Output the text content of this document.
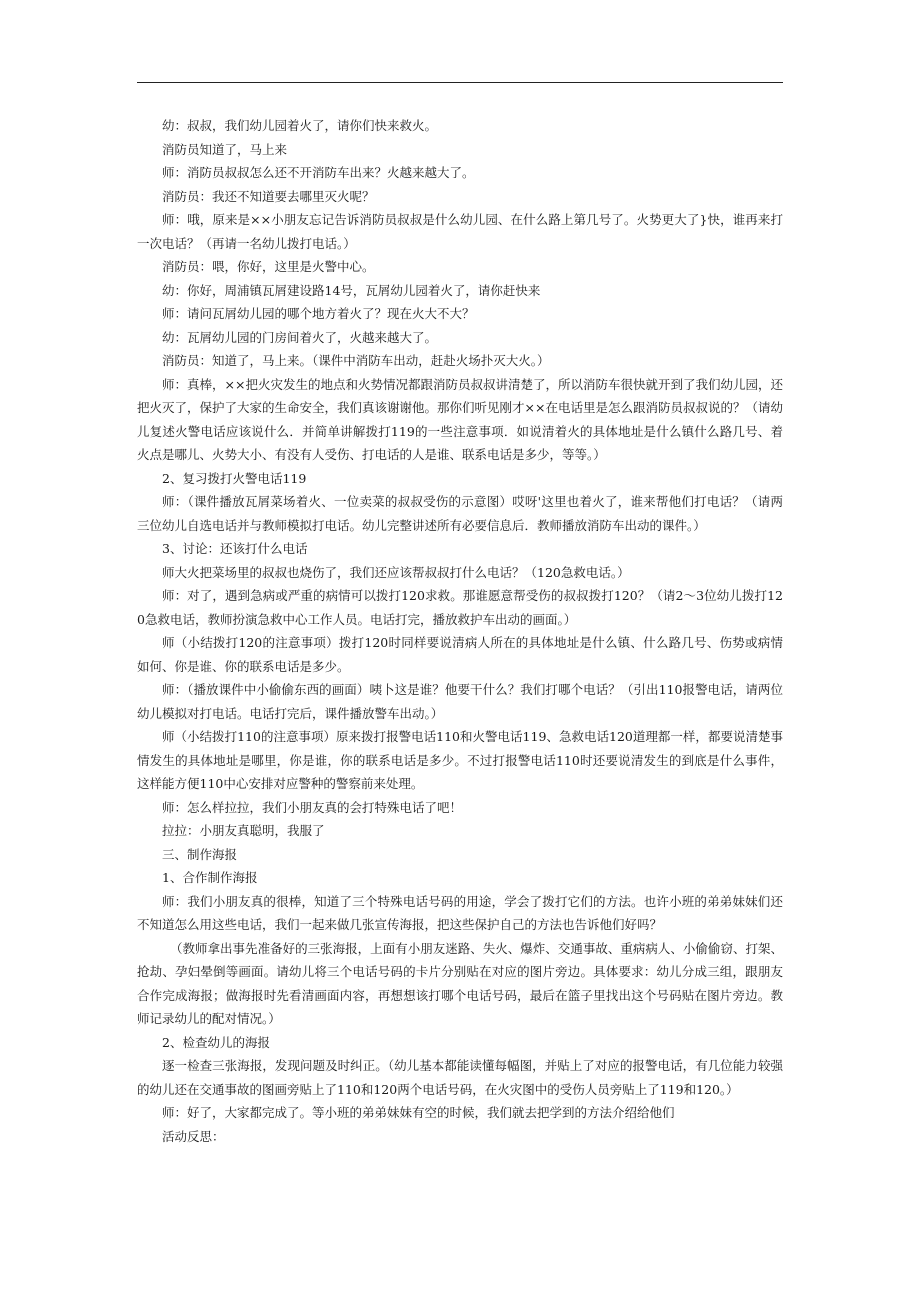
幼：叔叔，我们幼儿园着火了，请你们快来救火。

消防员知道了，马上来

师：消防员叔叔怎么还不开消防车出来？火越来越大了。

消防员：我还不知道要去哪里灭火呢？

师：哦，原来是××小朋友忘记告诉消防员叔叔是什么幼儿园、在什么路上第几号了。火势更大了}快，谁再来打一次电话？（再请一名幼儿拨打电话。）

消防员：喂，你好，这里是火警中心。

幼：你好，周浦镇瓦屑建设路14号，瓦屑幼儿园着火了，请你赶快来

师：请问瓦屑幼儿园的哪个地方着火了？现在火大不大？

幼：瓦屑幼儿园的门房间着火了，火越来越大了。

消防员：知道了，马上来。（课件中消防车出动，赶赴火场扑灭大火。）

师：真棒，××把火灾发生的地点和火势情况都跟消防员叔叔讲清楚了，所以消防车很快就开到了我们幼儿园，还把火灭了，保护了大家的生命安全，我们真该谢谢他。那你们听见刚才××在电话里是怎么跟消防员叔叔说的？（请幼儿复述火警电话应该说什么．并简单讲解拨打119的一些注意事项．如说清着火的具体地址是什么镇什么路几号、着火点是哪儿、火势大小、有没有人受伤、打电话的人是谁、联系电话是多少，等等。）

2、复习拨打火警电话119

师：（课件播放瓦屑菜场着火、一位卖菜的叔叔受伤的示意图）哎呀'这里也着火了，谁来帮他们打电话？（请两三位幼儿自选电话并与教师模拟打电话。幼儿完整讲述所有必要信息后．教师播放消防车出动的课件。）

3、讨论：还该打什么电话

师大火把菜场里的叔叔也烧伤了，我们还应该帮叔叔打什么电话？（120急救电话。）

师：对了，遇到急病或严重的病情可以拨打120求救。那谁愿意帮受伤的叔叔拨打120？（请2～3位幼儿拨打120急救电话，教师扮演急救中心工作人员。电话打完，播放救护车出动的画面。）

师（小结拨打120的注意事项）拨打120时同样要说清病人所在的具体地址是什么镇、什么路几号、伤势或病情如何、你是谁、你的联系电话是多少。

师：（播放课件中小偷偷东西的画面）咦卜这是谁？他要干什么？我们打哪个电话？（引出110报警电话，请两位幼儿模拟对打电话。电话打完后，课件播放警车出动。）

师（小结拨打110的注意事项）原来拨打报警电话110和火警电话119、急救电话120道理都一样，都要说清楚事情发生的具体地址是哪里，你是谁，你的联系电话是多少。不过打报警电话110时还要说清发生的到底是什么事件，这样能方便110中心安排对应警种的警察前来处理。

师：怎么样拉拉，我们小朋友真的会打特殊电话了吧！

拉拉：小朋友真聪明，我服了

三、制作海报

1、合作制作海报

师：我们小朋友真的很棒，知道了三个特殊电话号码的用途，学会了拨打它们的方法。也许小班的弟弟妹妹们还不知道怎么用这些电话，我们一起来做几张宣传海报，把这些保护自己的方法也告诉他们好吗？

（教师拿出事先准备好的三张海报，上面有小朋友迷路、失火、爆炸、交通事故、重病病人、小偷偷窃、打架、抢劫、孕妇晕倒等画面。请幼儿将三个电话号码的卡片分别贴在对应的图片旁边。具体要求：幼儿分成三组，跟朋友合作完成海报；做海报时先看清画面内容，再想想该打哪个电话号码，最后在篮子里找出这个号码贴在图片旁边。教师记录幼儿的配对情况。）

2、检查幼儿的海报

逐一检查三张海报，发现问题及时纠正。（幼儿基本都能读懂每幅图，并贴上了对应的报警电话，有几位能力较强的幼儿还在交通事故的图画旁贴上了110和120两个电话号码，在火灾图中的受伤人员旁贴上了119和120。）

师：好了，大家都完成了。等小班的弟弟妹妹有空的时候，我们就去把学到的方法介绍给他们

活动反思：
